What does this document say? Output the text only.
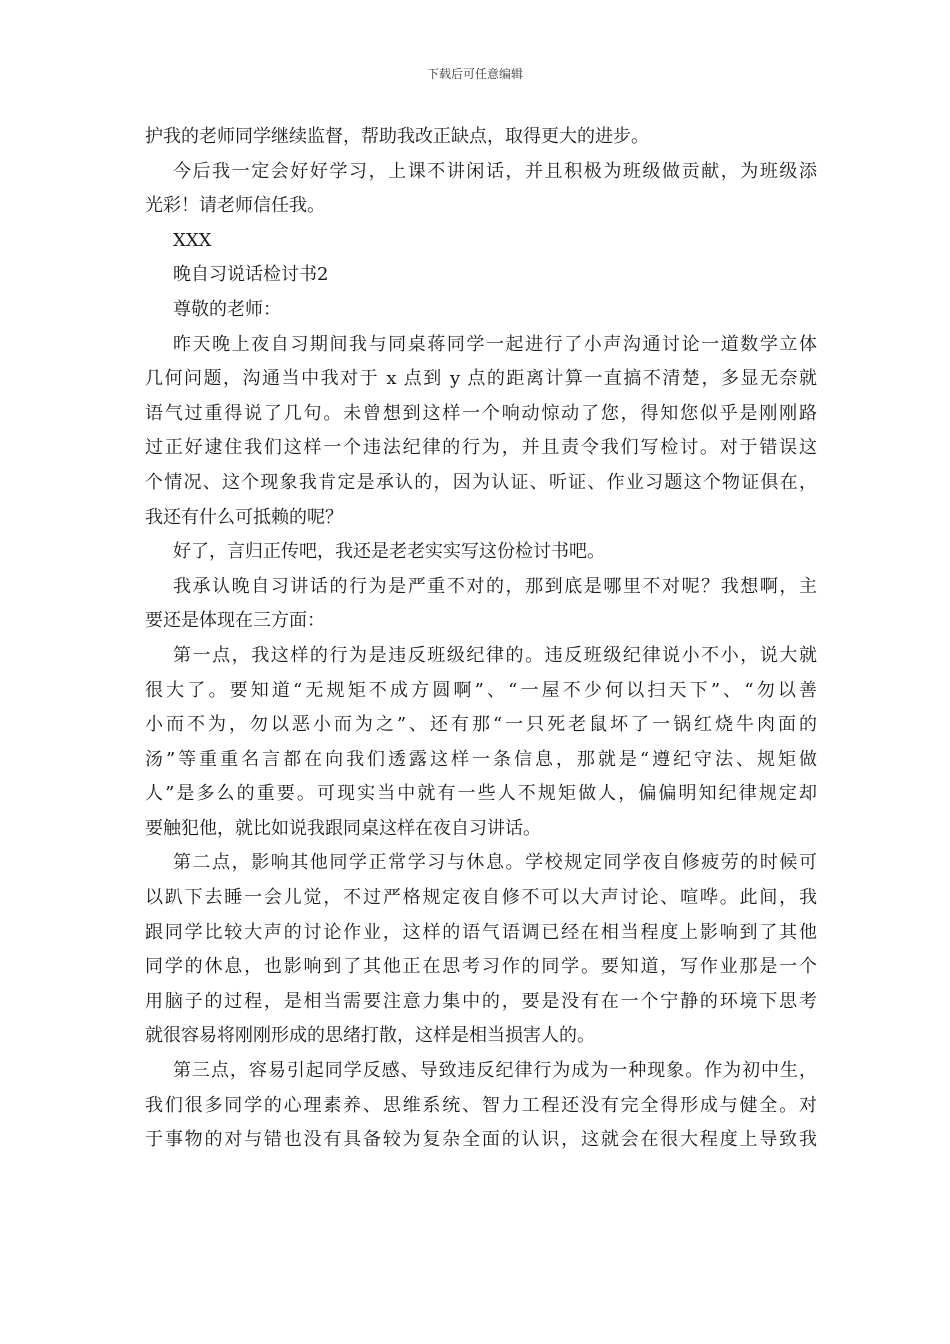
下载后可任意编辑
护我的老师同学继续监督，帮助我改正缺点，取得更大的进步。
今后我一定会好好学习，上课不讲闲话，并且积极为班级做贡献，为班级添
光彩！请老师信任我。
XXX
晚自习说话检讨书2
尊敬的老师：
昨天晚上夜自习期间我与同桌蒋同学一起进行了小声沟通讨论一道数学立体
几何问题，沟通当中我对于 x 点到 y 点的距离计算一直搞不清楚，多显无奈就
语气过重得说了几句。未曾想到这样一个响动惊动了您，得知您似乎是刚刚路
过正好逮住我们这样一个违法纪律的行为，并且责令我们写检讨。对于错误这
个情况、这个现象我肯定是承认的，因为认证、听证、作业习题这个物证俱在，
我还有什么可抵赖的呢？
好了，言归正传吧，我还是老老实实写这份检讨书吧。
我承认晚自习讲话的行为是严重不对的，那到底是哪里不对呢？我想啊，主
要还是体现在三方面：
第一点，我这样的行为是违反班级纪律的。违反班级纪律说小不小，说大就
很大了。要知道“无规矩不成方圆啊”、“一屋不少何以扫天下”、“勿以善
小而不为，勿以恶小而为之”、还有那“一只死老鼠坏了一锅红烧牛肉面的
汤”等重重名言都在向我们透露这样一条信息，那就是“遵纪守法、规矩做
人”是多么的重要。可现实当中就有一些人不规矩做人，偏偏明知纪律规定却
要触犯他，就比如说我跟同桌这样在夜自习讲话。
第二点，影响其他同学正常学习与休息。学校规定同学夜自修疲劳的时候可
以趴下去睡一会儿觉，不过严格规定夜自修不可以大声讨论、喧哗。此间，我
跟同学比较大声的讨论作业，这样的语气语调已经在相当程度上影响到了其他
同学的休息，也影响到了其他正在思考习作的同学。要知道，写作业那是一个
用脑子的过程，是相当需要注意力集中的，要是没有在一个宁静的环境下思考
就很容易将刚刚形成的思绪打散，这样是相当损害人的。
第三点，容易引起同学反感、导致违反纪律行为成为一种现象。作为初中生，
我们很多同学的心理素养、思维系统、智力工程还没有完全得形成与健全。对
于事物的对与错也没有具备较为复杂全面的认识，这就会在很大程度上导致我
